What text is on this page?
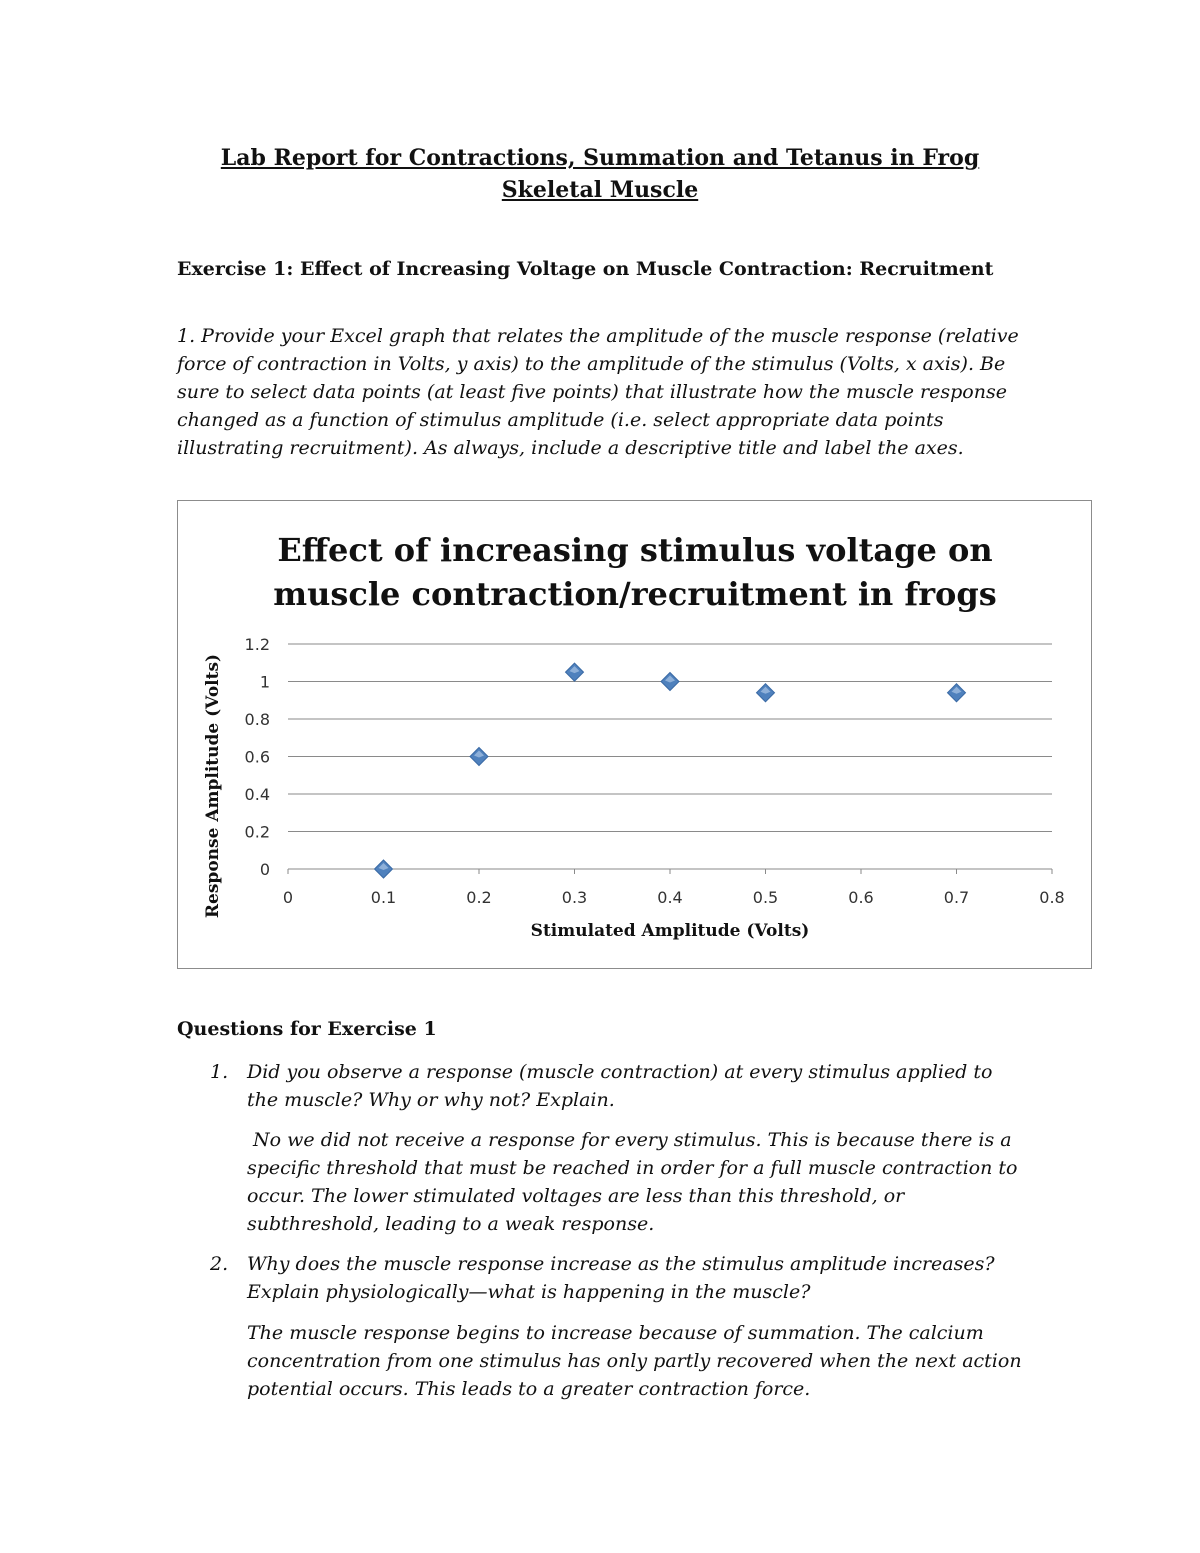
Lab Report for Contractions, Summation and Tetanus in Frog
Skeletal Muscle
Exercise 1: Effect of Increasing Voltage on Muscle Contraction: Recruitment
1. Provide your Excel graph that relates the amplitude of the muscle response (relative
force of contraction in Volts, y axis) to the amplitude of the stimulus (Volts, x axis). Be
sure to select data points (at least five points) that illustrate how the muscle response
changed as a function of stimulus amplitude (i.e. select appropriate data points
illustrating recruitment). As always, include a descriptive title and label the axes.
Effect of increasing stimulus voltage on
muscle contraction/recruitment in frogs
0
0.2
0.4
0.6
0.8
1
1.2
0	0.1	0.2	0.3	0.4	0.5	0.6	0.7	0.8
Stimulated Amplitude (Volts)
Response Amplitude (Volts)
Questions for Exercise 1
1. Did you observe a response (muscle contraction) at every stimulus applied to
the muscle? Why or why not? Explain.
No we did not receive a response for every stimulus. This is because there is a
specific threshold that must be reached in order for a full muscle contraction to
occur. The lower stimulated voltages are less than this threshold, or
subthreshold, leading to a weak response.
2. Why does the muscle response increase as the stimulus amplitude increases?
Explain physiologically—what is happening in the muscle?
The muscle response begins to increase because of summation. The calcium
concentration from one stimulus has only partly recovered when the next action
potential occurs. This leads to a greater contraction force.
